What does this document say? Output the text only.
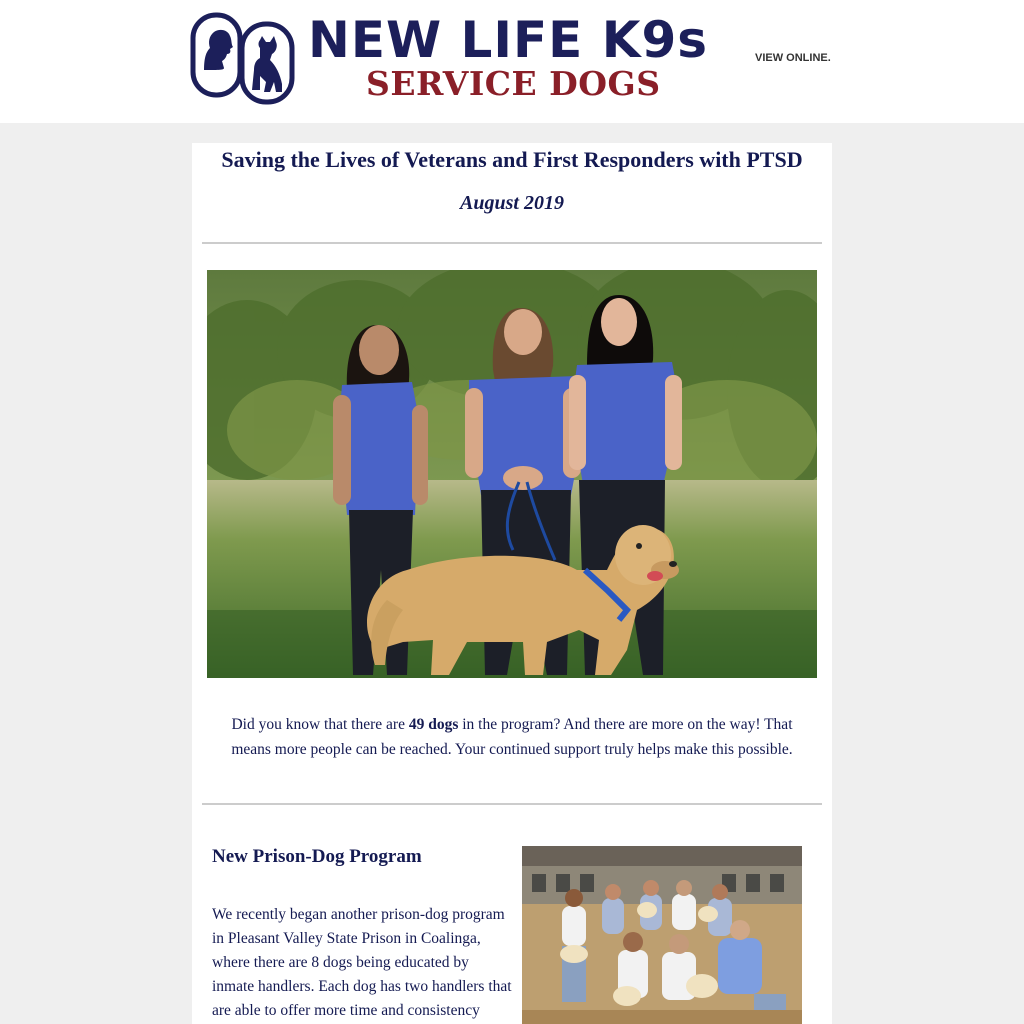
NEW LIFE K9s
SERVICE DOGS
VIEW ONLINE.
Saving the Lives of Veterans and First Responders with PTSD
August 2019

Did you know that there are 49 dogs in the program? And there are more on the way! That means more people can be reached. Your continued support truly helps make this possible.

New Prison-Dog Program

We recently began another prison-dog program in Pleasant Valley State Prison in Coalinga, where there are 8 dogs being educated by inmate handlers. Each dog has two handlers that are able to offer more time and consistency
